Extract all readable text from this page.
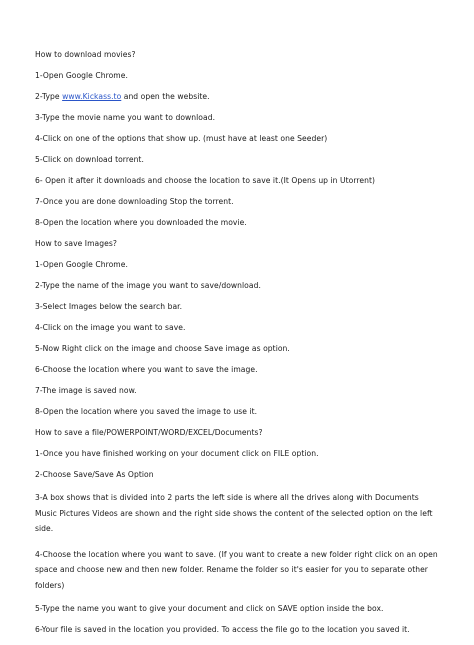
How to download movies?
1-Open Google Chrome.
2-Type www.Kickass.to and open the website.
3-Type the movie name you want to download.
4-Click on one of the options that show up. (must have at least one Seeder)
5-Click on download torrent.
6- Open it after it downloads and choose the location to save it.(It Opens up in Utorrent)
7-Once you are done downloading Stop the torrent.
8-Open the location where you downloaded the movie.
How to save Images?
1-Open Google Chrome.
2-Type the name of the image you want to save/download.
3-Select Images below the search bar.
4-Click on the image you want to save.
5-Now Right click on the image and choose Save image as option.
6-Choose the location where you want to save the image.
7-The image is saved now.
8-Open the location where you saved the image to use it.
How to save a file/POWERPOINT/WORD/EXCEL/Documents?
1-Once you have finished working on your document click on FILE option.
2-Choose Save/Save As Option
3-A box shows that is divided into 2 parts the left side is where all the drives along with Documents Music Pictures Videos are shown and the right side shows the content of the selected option on the left side.
4-Choose the location where you want to save. (If you want to create a new folder right click on an open space and choose new and then new folder. Rename the folder so it's easier for you to separate other folders)
5-Type the name you want to give your document and click on SAVE option inside the box.
6-Your file is saved in the location you provided. To access the file go to the location you saved it.
